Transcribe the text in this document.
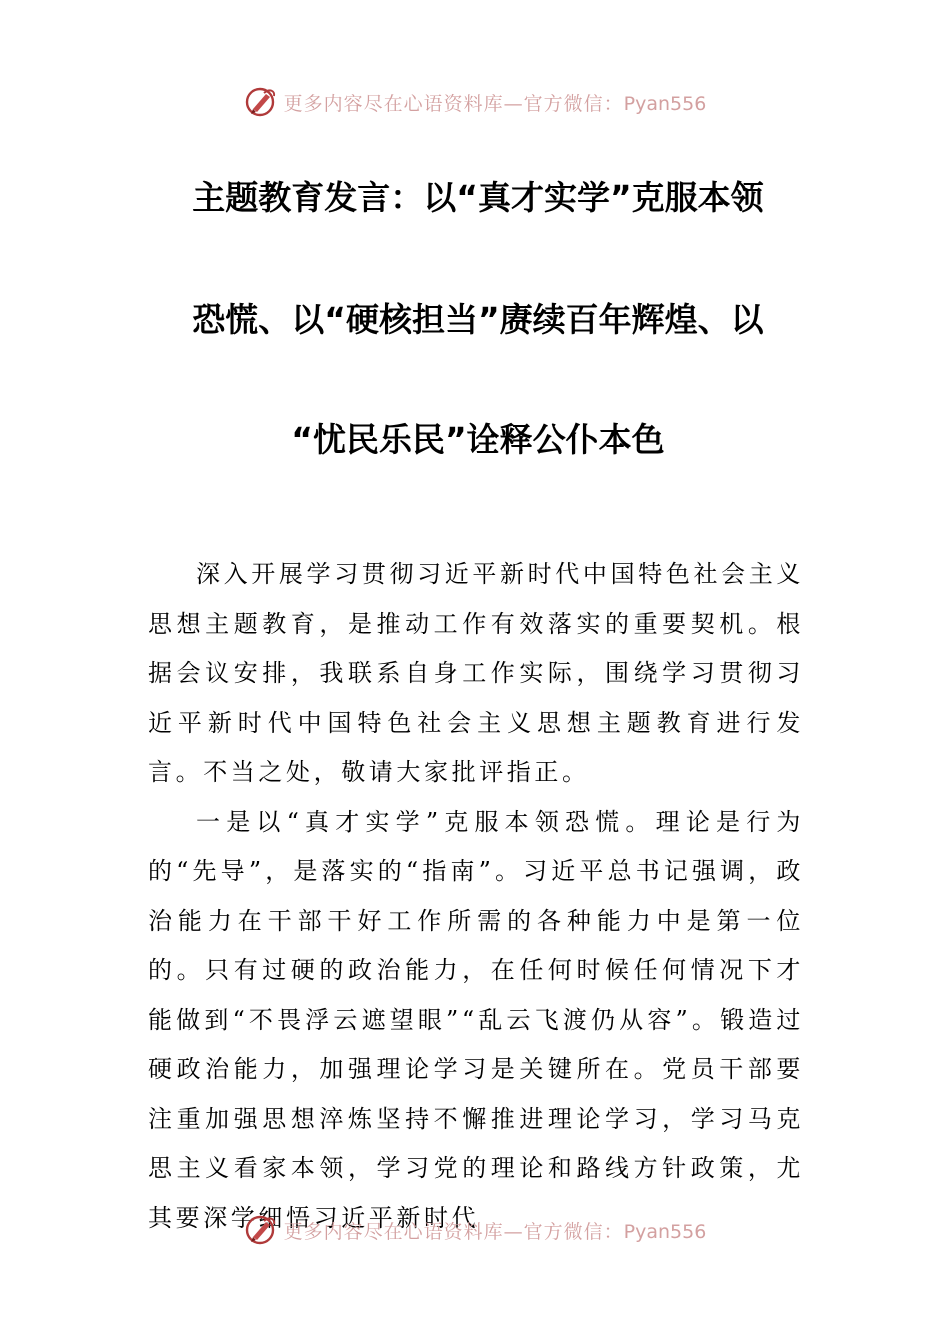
更多内容尽在心语资料库—官方微信：Pyan556
主题教育发言：以“真才实学”克服本领
恐慌、以“硬核担当”赓续百年辉煌、以
“忧民乐民”诠释公仆本色

深入开展学习贯彻习近平新时代中国特色社会主义思想主题教育，是推动工作有效落实的重要契机。根据会议安排，我联系自身工作实际，围绕学习贯彻习近平新时代中国特色社会主义思想主题教育进行发言。不当之处，敬请大家批评指正。

一是以“真才实学”克服本领恐慌。理论是行为的“先导”，是落实的“指南”。习近平总书记强调，政治能力在干部干好工作所需的各种能力中是第一位的。只有过硬的政治能力，在任何时候任何情况下才能做到“不畏浮云遮望眼”“乱云飞渡仍从容”。锻造过硬政治能力，加强理论学习是关键所在。党员干部要注重加强思想淬炼坚持不懈推进理论学习，学习马克思主义看家本领，学习党的理论和路线方针政策，尤其要深学细悟习近平新时代

更多内容尽在心语资料库—官方微信：Pyan556
